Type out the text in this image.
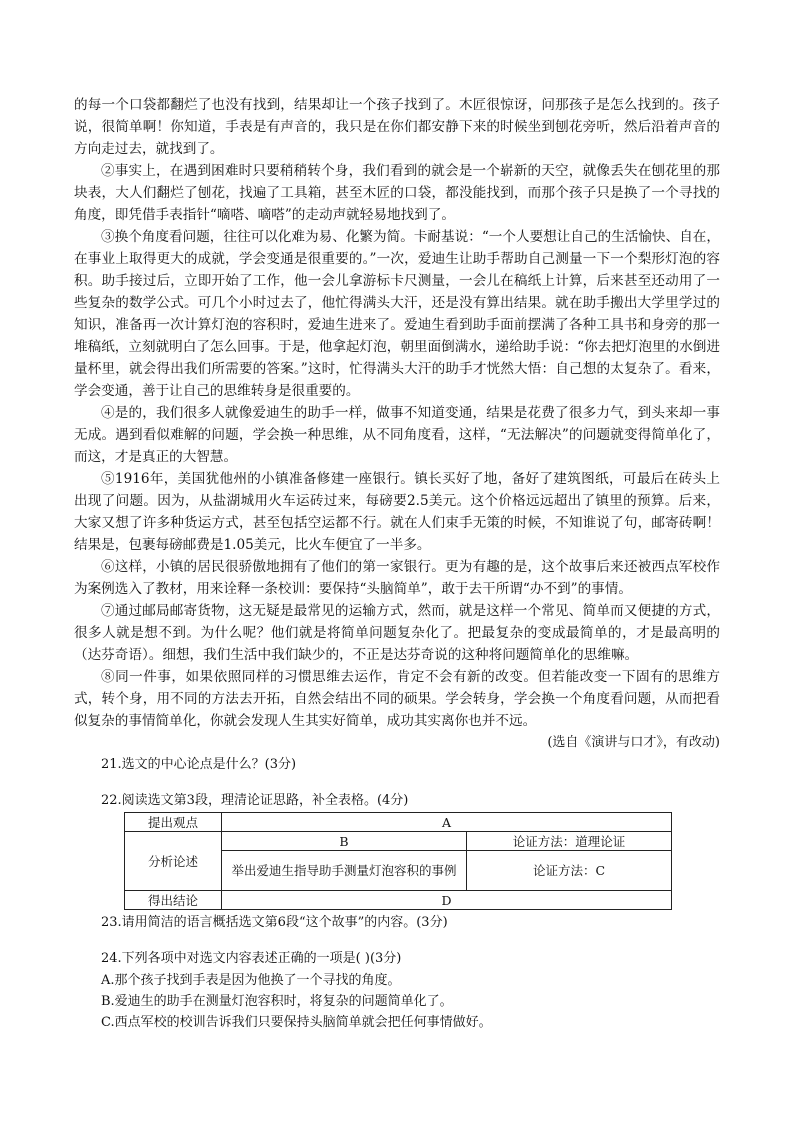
的每一个口袋都翻烂了也没有找到，结果却让一个孩子找到了。木匠很惊讶，问那孩子是怎么找到的。孩子说，很简单啊！你知道，手表是有声音的，我只是在你们都安静下来的时候坐到刨花旁听，然后沿着声音的方向走过去，就找到了。

②事实上，在遇到困难时只要稍稍转个身，我们看到的就会是一个崭新的天空，就像丢失在刨花里的那块表，大人们翻烂了刨花，找遍了工具箱，甚至木匠的口袋，都没能找到，而那个孩子只是换了一个寻找的角度，即凭借手表指针“嘀嗒、嘀嗒”的走动声就轻易地找到了。

③换个角度看问题，往往可以化难为易、化繁为简。卡耐基说：“一个人要想让自己的生活愉快、自在，在事业上取得更大的成就，学会变通是很重要的。”一次，爱迪生让助手帮助自己测量一下一个梨形灯泡的容积。助手接过后，立即开始了工作，他一会儿拿游标卡尺测量，一会儿在稿纸上计算，后来甚至还动用了一些复杂的数学公式。可几个小时过去了，他忙得满头大汗，还是没有算出结果。就在助手搬出大学里学过的知识，准备再一次计算灯泡的容积时，爱迪生进来了。爱迪生看到助手面前摆满了各种工具书和身旁的那一堆稿纸，立刻就明白了怎么回事。于是，他拿起灯泡，朝里面倒满水，递给助手说：“你去把灯泡里的水倒进量杯里，就会得出我们所需要的答案。”这时，忙得满头大汗的助手才恍然大悟：自己想的太复杂了。看来，学会变通，善于让自己的思维转身是很重要的。

④是的，我们很多人就像爱迪生的助手一样，做事不知道变通，结果是花费了很多力气，到头来却一事无成。遇到看似难解的问题，学会换一种思维，从不同角度看，这样，“无法解决”的问题就变得简单化了，而这，才是真正的大智慧。

⑤1916年，美国犹他州的小镇准备修建一座银行。镇长买好了地，备好了建筑图纸，可最后在砖头上出现了问题。因为，从盐湖城用火车运砖过来，每磅要2.5美元。这个价格远远超出了镇里的预算。后来，大家又想了许多种货运方式，甚至包括空运都不行。就在人们束手无策的时候，不知谁说了句，邮寄砖啊！结果是，包裹每磅邮费是1.05美元，比火车便宜了一半多。

⑥这样，小镇的居民很骄傲地拥有了他们的第一家银行。更为有趣的是，这个故事后来还被西点军校作为案例选入了教材，用来诠释一条校训：要保持“头脑简单”，敢于去干所谓“办不到”的事情。

⑦通过邮局邮寄货物，这无疑是最常见的运输方式，然而，就是这样一个常见、简单而又便捷的方式，很多人就是想不到。为什么呢？他们就是将简单问题复杂化了。把最复杂的变成最简单的，才是最高明的（达芬奇语）。细想，我们生活中我们缺少的，不正是达芬奇说的这种将问题简单化的思维嘛。

⑧同一件事，如果依照同样的习惯思维去运作，肯定不会有新的改变。但若能改变一下固有的思维方式，转个身，用不同的方法去开拓，自然会结出不同的硕果。学会转身，学会换一个角度看问题，从而把看似复杂的事情简单化，你就会发现人生其实好简单，成功其实离你也并不远。

(选自《演讲与口才》，有改动)

21.选文的中心论点是什么？(3分)

22.阅读选文第3段，理清论证思路，补全表格。(4分)

提出观点	A	
分析论述	B	论证方法：道理论证
	举出爱迪生指导助手测量灯泡容积的事例	论证方法：C
得出结论	D	

23.请用简洁的语言概括选文第6段“这个故事”的内容。(3分)

24.下列各项中对选文内容表述正确的一项是( )(3分)

A.那个孩子找到手表是因为他换了一个寻找的角度。

B.爱迪生的助手在测量灯泡容积时，将复杂的问题简单化了。

C.西点军校的校训告诉我们只要保持头脑简单就会把任何事情做好。
